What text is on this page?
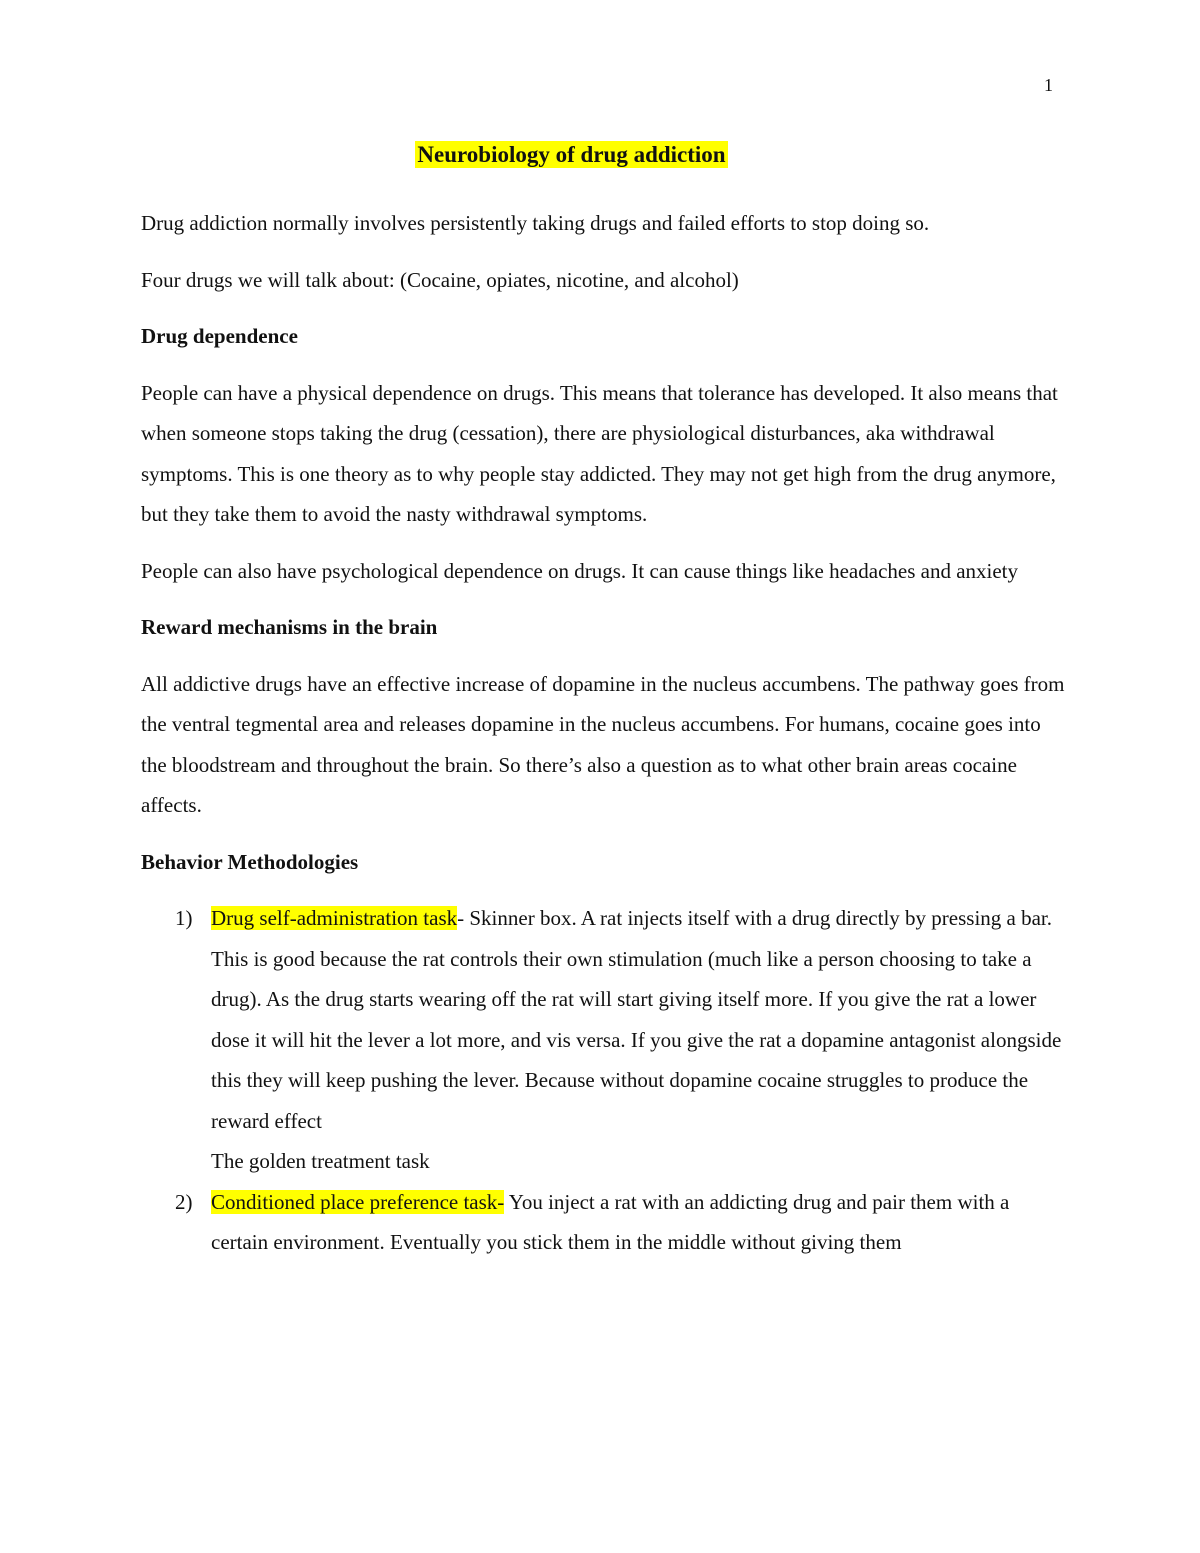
1
Neurobiology of drug addiction

Drug addiction normally involves persistently taking drugs and failed efforts to stop doing so.

Four drugs we will talk about: (Cocaine, opiates, nicotine, and alcohol)

Drug dependence

People can have a physical dependence on drugs. This means that tolerance has developed. It also means that when someone stops taking the drug (cessation), there are physiological disturbances, aka withdrawal symptoms. This is one theory as to why people stay addicted. They may not get high from the drug anymore, but they take them to avoid the nasty withdrawal symptoms.

People can also have psychological dependence on drugs. It can cause things like headaches and anxiety

Reward mechanisms in the brain

All addictive drugs have an effective increase of dopamine in the nucleus accumbens. The pathway goes from the ventral tegmental area and releases dopamine in the nucleus accumbens. For humans, cocaine goes into the bloodstream and throughout the brain. So there’s also a question as to what other brain areas cocaine affects.

Behavior Methodologies

1) Drug self-administration task- Skinner box. A rat injects itself with a drug directly by pressing a bar. This is good because the rat controls their own stimulation (much like a person choosing to take a drug). As the drug starts wearing off the rat will start giving itself more. If you give the rat a lower dose it will hit the lever a lot more, and vis versa. If you give the rat a dopamine antagonist alongside this they will keep pushing the lever. Because without dopamine cocaine struggles to produce the reward effect
The golden treatment task
2) Conditioned place preference task- You inject a rat with an addicting drug and pair them with a certain environment. Eventually you stick them in the middle without giving them
